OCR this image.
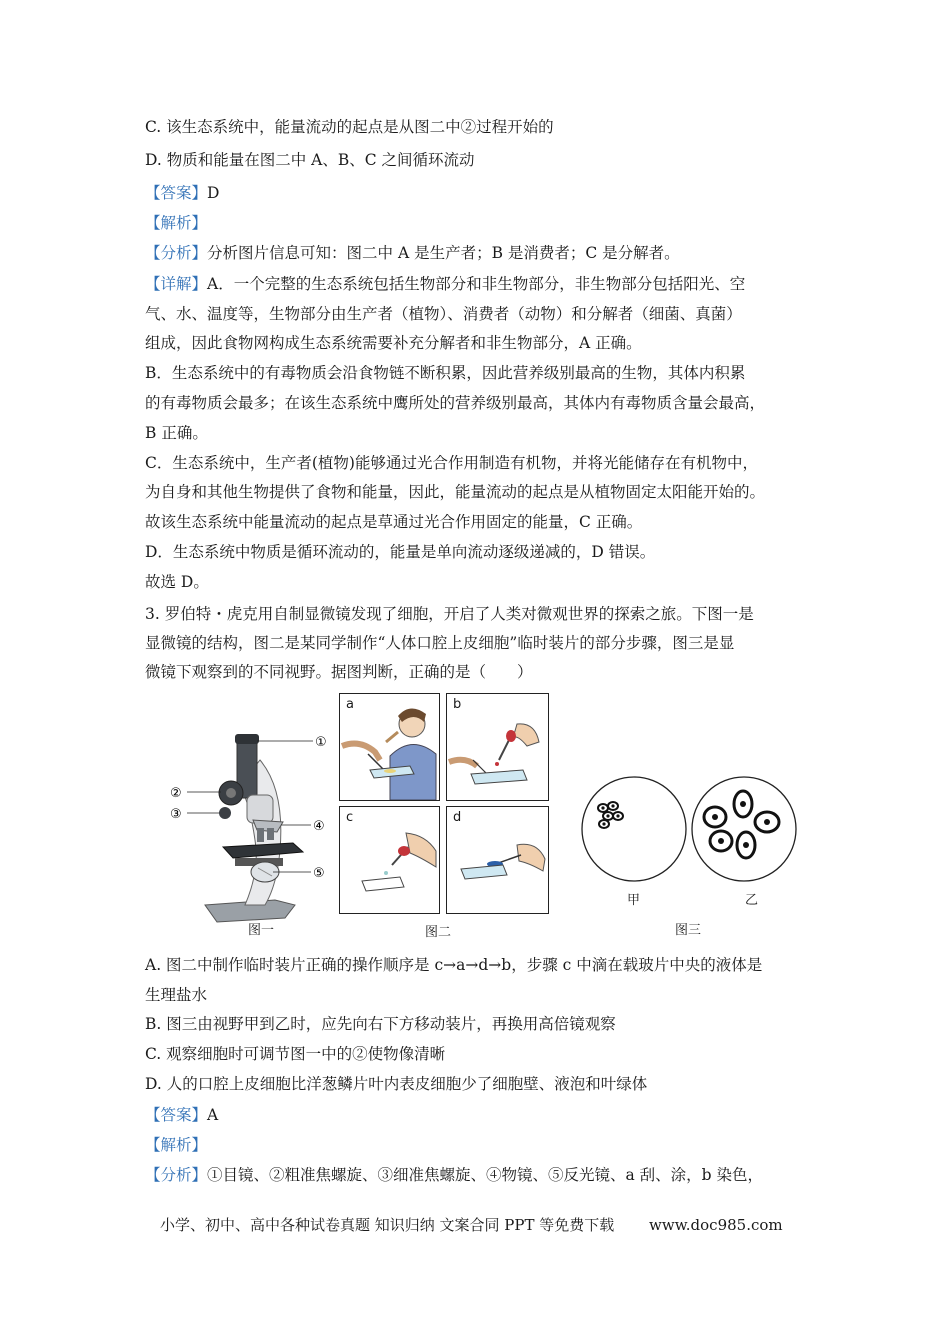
C. 该生态系统中，能量流动的起点是从图二中②过程开始的
D. 物质和能量在图二中 A、B、C 之间循环流动
【答案】D
【解析】
【分析】分析图片信息可知：图二中 A 是生产者；B 是消费者；C 是分解者。
【详解】A．一个完整的生态系统包括生物部分和非生物部分，非生物部分包括阳光、空
气、水、温度等，生物部分由生产者（植物）、消费者（动物）和分解者（细菌、真菌）
组成，因此食物网构成生态系统需要补充分解者和非生物部分，A 正确。
B．生态系统中的有毒物质会沿食物链不断积累，因此营养级别最高的生物，其体内积累
的有毒物质会最多；在该生态系统中鹰所处的营养级别最高，其体内有毒物质含量会最高，
B 正确。
C．生态系统中，生产者(植物)能够通过光合作用制造有机物，并将光能储存在有机物中，
为自身和其他生物提供了食物和能量，因此，能量流动的起点是从植物固定太阳能开始的。
故该生态系统中能量流动的起点是草通过光合作用固定的能量，C 正确。
D．生态系统中物质是循环流动的，能量是单向流动逐级递减的，D 错误。
故选 D。
3. 罗伯特・虎克用自制显微镜发现了细胞，开启了人类对微观世界的探索之旅。下图一是
显微镜的结构，图二是某同学制作“人体口腔上皮细胞”临时装片的部分步骤，图三是显
微镜下观察到的不同视野。据图判断，正确的是（　　）
A. 图二中制作临时装片正确的操作顺序是 c→a→d→b，步骤 c 中滴在载玻片中央的液体是
生理盐水
B. 图三由视野甲到乙时，应先向右下方移动装片，再换用高倍镜观察
C. 观察细胞时可调节图一中的②使物像清晰
D. 人的口腔上皮细胞比洋葱鳞片叶内表皮细胞少了细胞壁、液泡和叶绿体
【答案】A
【解析】
【分析】①目镜、②粗准焦螺旋、③细准焦螺旋、④物镜、⑤反光镜、a 刮、涂，b 染色，
①
②
③
④
⑤
图一
a	b
c	d
图二
甲	乙
图三
小学、初中、高中各种试卷真题 知识归纳 文案合同 PPT 等免费下载 www.doc985.com
